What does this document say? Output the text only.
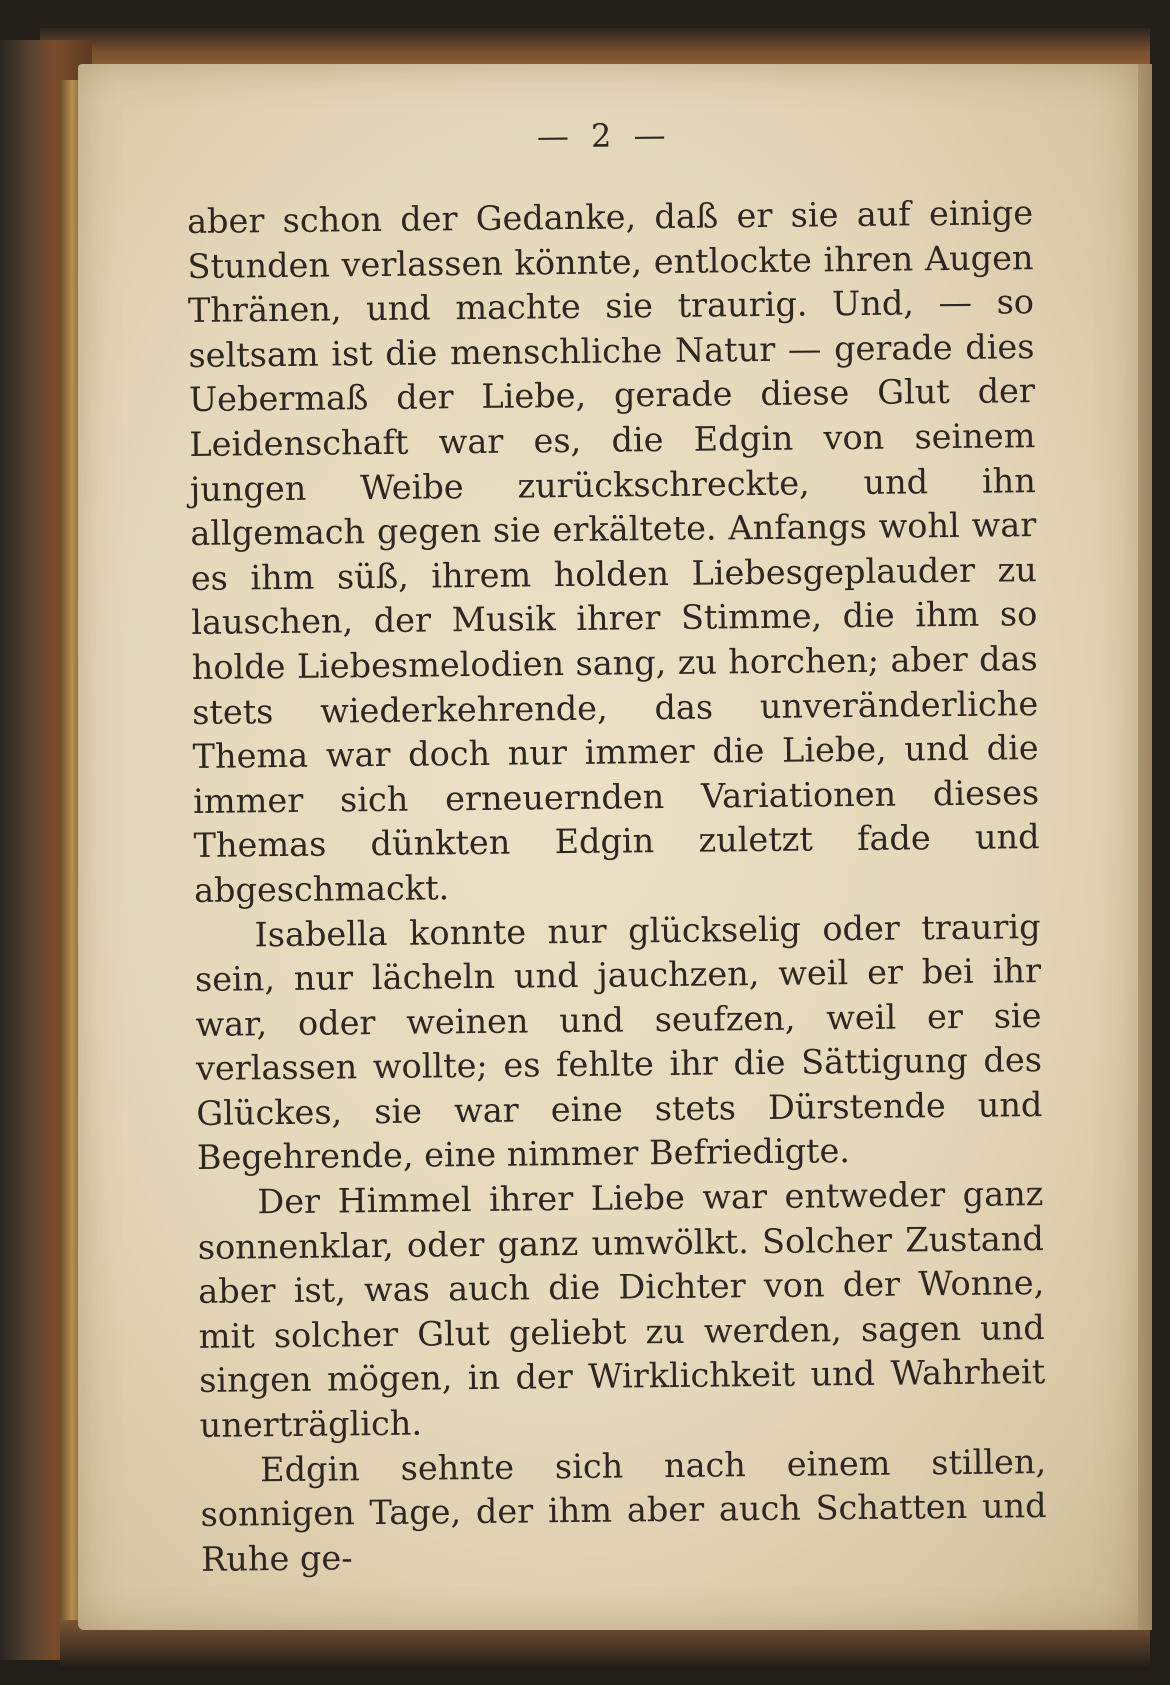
— 2 —

aber schon der Gedanke, daß er sie auf einige Stunden verlassen könnte, entlockte ihren Augen Thränen, und machte sie traurig. Und, — so seltsam ist die menschliche Natur — gerade dies Uebermaß der Liebe, gerade diese Glut der Leidenschaft war es, die Edgin von seinem jungen Weibe zurückschreckte, und ihn allgemach gegen sie erkältete. Anfangs wohl war es ihm süß, ihrem holden Liebesgeplauder zu lauschen, der Musik ihrer Stimme, die ihm so holde Liebesmelodien sang, zu horchen; aber das stets wiederkehrende, das unveränderliche Thema war doch nur immer die Liebe, und die immer sich erneuernden Variationen dieses Themas dünkten Edgin zuletzt fade und abgeschmackt.

Isabella konnte nur glückselig oder traurig sein, nur lächeln und jauchzen, weil er bei ihr war, oder weinen und seufzen, weil er sie verlassen wollte; es fehlte ihr die Sättigung des Glückes, sie war eine stets Dürstende und Begehrende, eine nimmer Befriedigte.

Der Himmel ihrer Liebe war entweder ganz sonnenklar, oder ganz umwölkt. Solcher Zustand aber ist, was auch die Dichter von der Wonne, mit solcher Glut geliebt zu werden, sagen und singen mögen, in der Wirklichkeit und Wahrheit unerträglich.

Edgin sehnte sich nach einem stillen, sonnigen Tage, der ihm aber auch Schatten und Ruhe ge-
